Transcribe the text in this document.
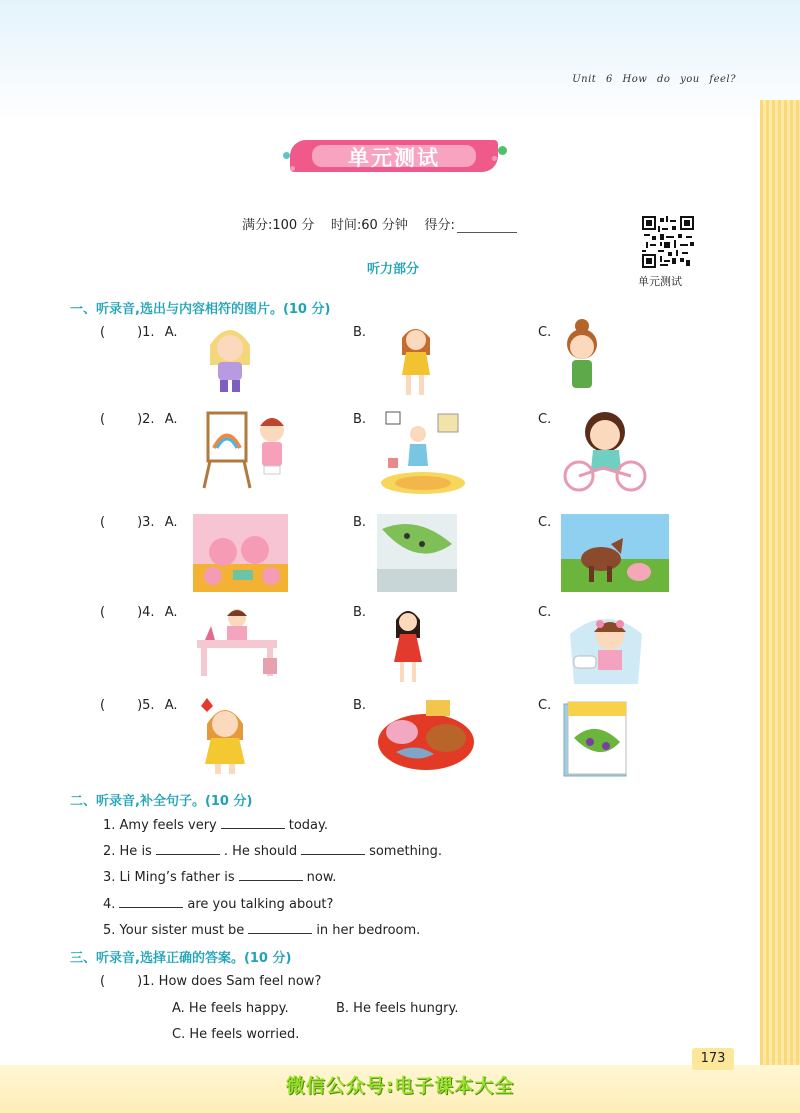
Unit 6 How do you feel?
单元测试
满分:100 分 时间:60 分钟 得分:
单元测试
听力部分
一、听录音,选出与内容相符的图片。(10 分)
( )1. A.	B.	C.
( )2. A.	B.	C.
( )3. A.	B.	C.
( )4. A.	B.	C.
( )5. A.	B.	C.
二、听录音,补全句子。(10 分)
1. Amy feels very	today.
2. He is	. He should	something.
3. Li Ming’s father is	now.
4.	are you talking about?
5. Your sister must be	in her bedroom.
三、听录音,选择正确的答案。(10 分)
( )1. How does Sam feel now?
A. He feels happy.	B. He feels hungry.
C. He feels worried.
173
微信公众号:电子课本大全
